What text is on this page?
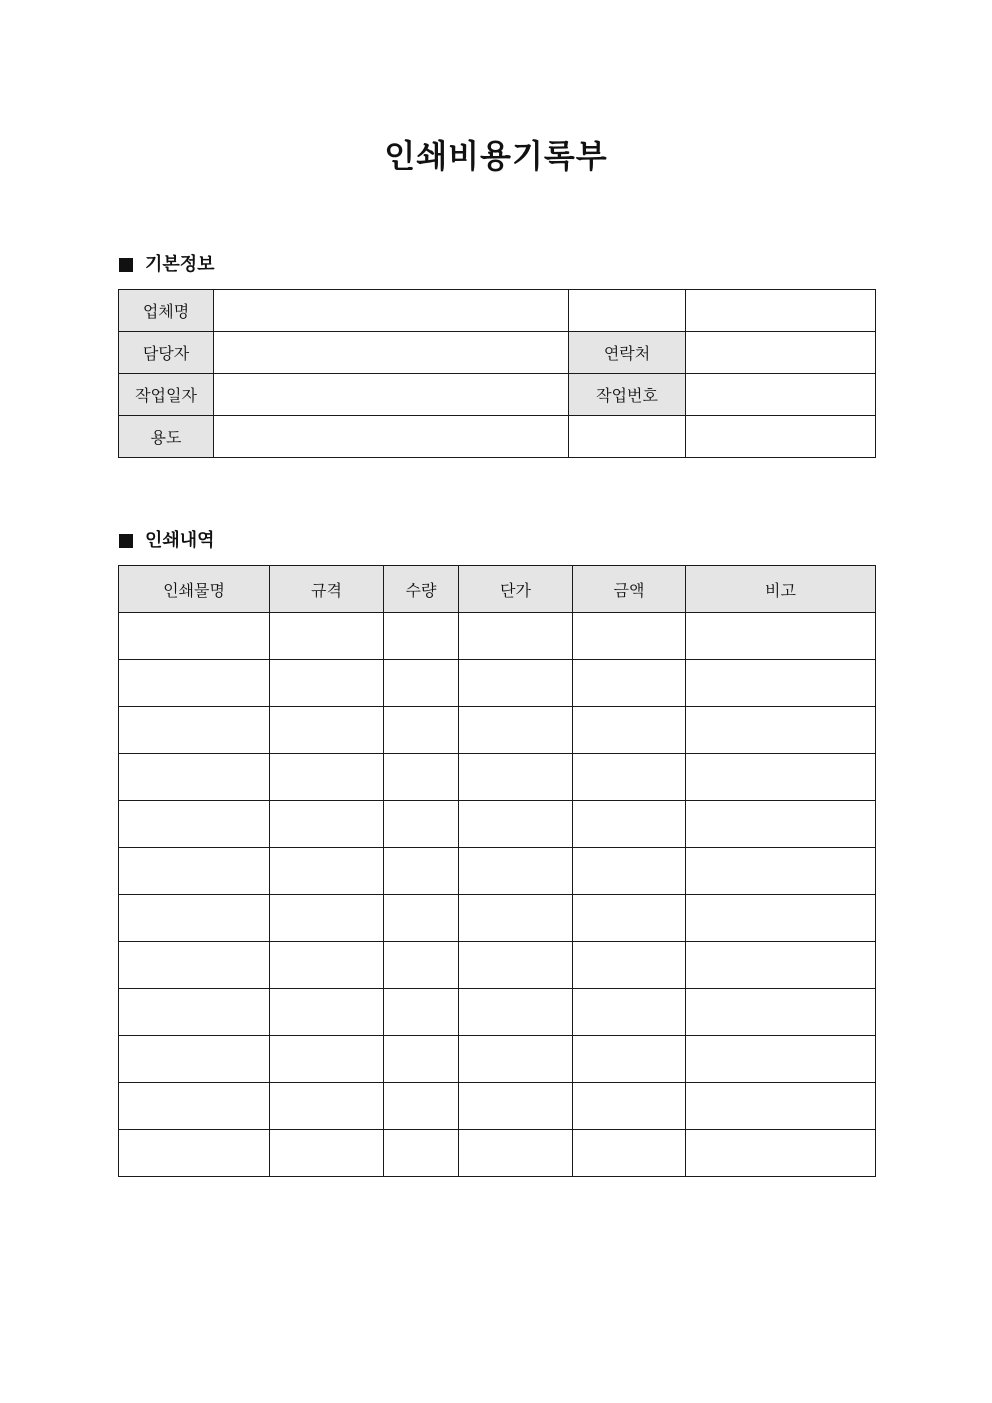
인쇄비용기록부
기본정보
업체명			
담당자		연락처	
작업일자		작업번호	
용도			
인쇄내역
인쇄물명	규격	수량	단가	금액	비고
